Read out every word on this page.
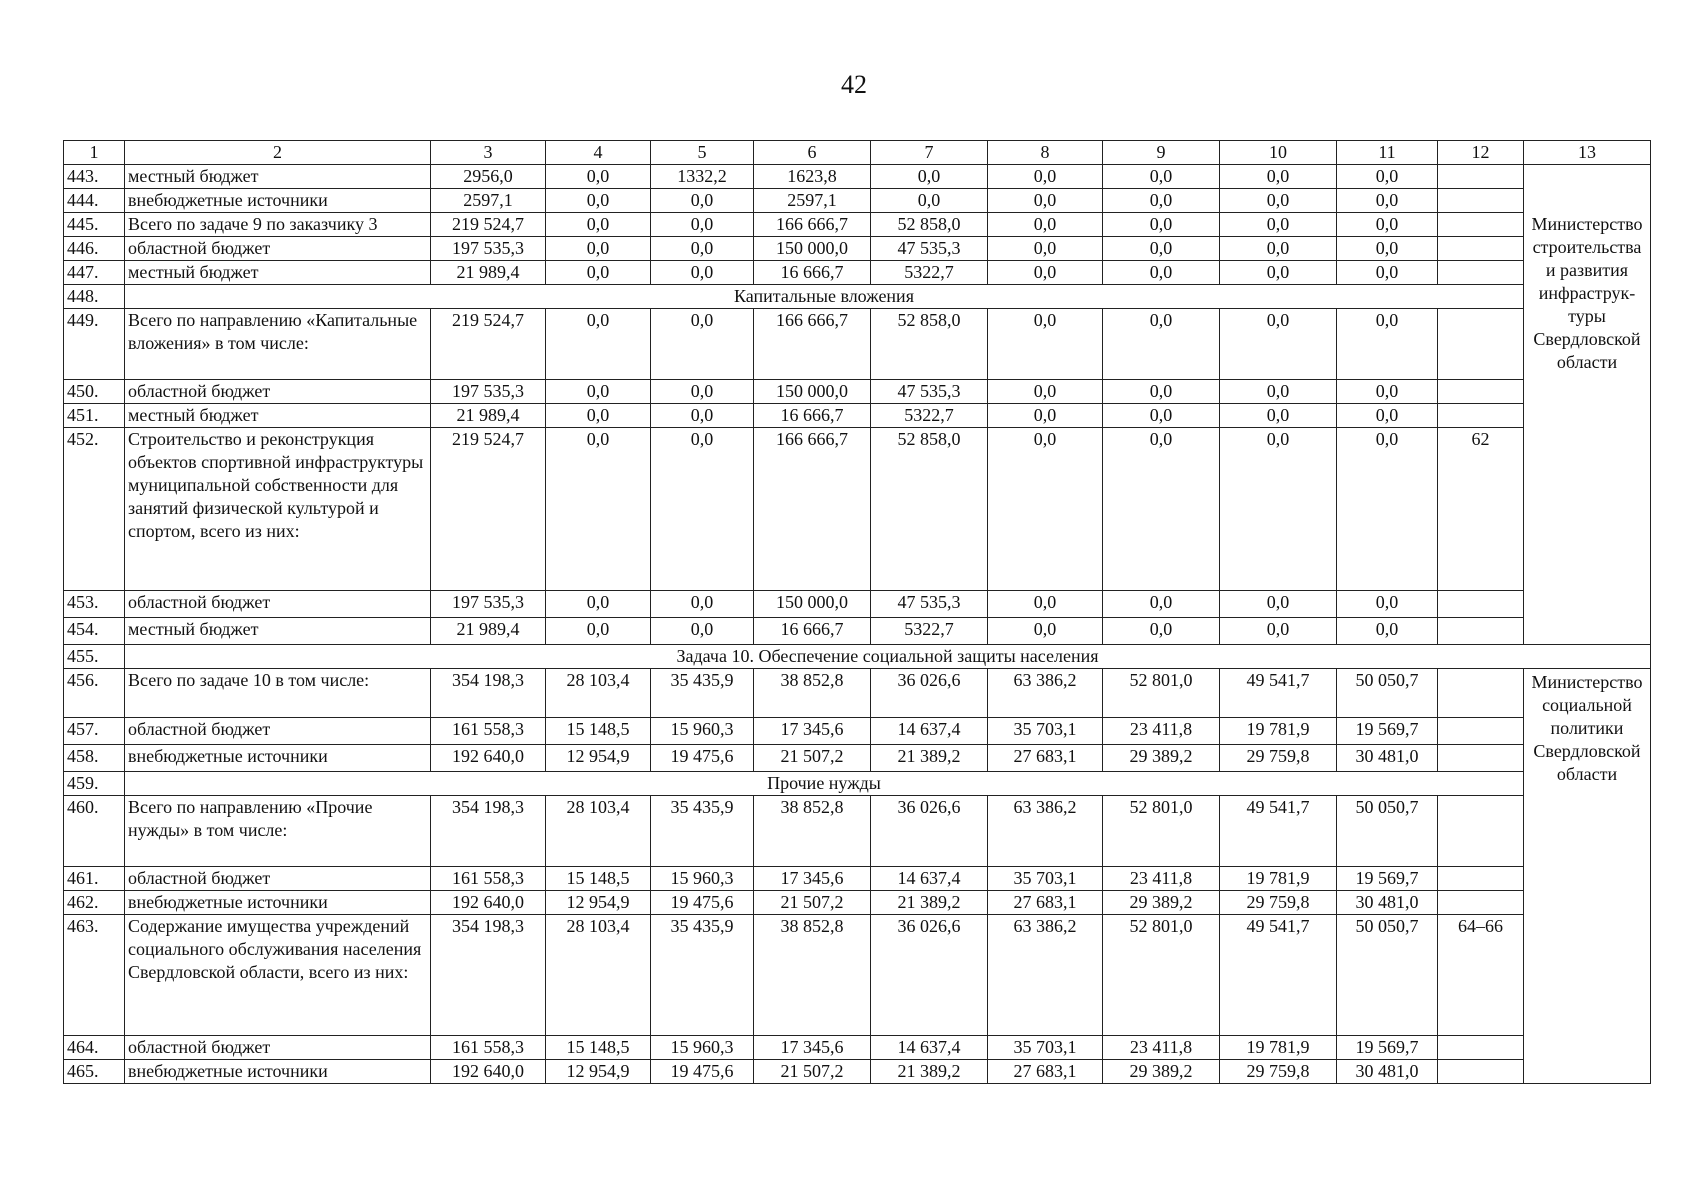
42
1	2	3	4	5	6	7	8	9	10	11	12	13
443.	местный бюджет	2956,0	0,0	1332,2	1623,8	0,0	0,0	0,0	0,0	0,0		Министерство строительства и развития инфраструк-туры Свердловской области

444.	внебюджетные источники	2597,1	0,0	0,0	2597,1	0,0	0,0	0,0	0,0	0,0		
445.	Всего по задаче 9 по заказчику 3	219 524,7	0,0	0,0	166 666,7	52 858,0	0,0	0,0	0,0	0,0		
446.	областной бюджет	197 535,3	0,0	0,0	150 000,0	47 535,3	0,0	0,0	0,0	0,0		
447.	местный бюджет	21 989,4	0,0	0,0	16 666,7	5322,7	0,0	0,0	0,0	0,0		
448.	Капитальные вложения											
449.	Всего по направлению «Капитальные вложения» в том числе:	219 524,7	0,0	0,0	166 666,7	52 858,0	0,0	0,0	0,0	0,0		
450.	областной бюджет	197 535,3	0,0	0,0	150 000,0	47 535,3	0,0	0,0	0,0	0,0		
451.	местный бюджет	21 989,4	0,0	0,0	16 666,7	5322,7	0,0	0,0	0,0	0,0		
452.	Строительство и реконструкция объектов спортивной инфраструктуры муниципальной собственности для занятий физической культурой и спортом, всего из них:	219 524,7	0,0	0,0	166 666,7	52 858,0	0,0	0,0	0,0	0,0	62	
453.	областной бюджет	197 535,3	0,0	0,0	150 000,0	47 535,3	0,0	0,0	0,0	0,0		
454.	местный бюджет	21 989,4	0,0	0,0	16 666,7	5322,7	0,0	0,0	0,0	0,0		
455.	Задача 10. Обеспечение социальной защиты населения											
456.	Всего по задаче 10 в том числе:	354 198,3	28 103,4	35 435,9	38 852,8	36 026,6	63 386,2	52 801,0	49 541,7	50 050,7		Министерство социальной политики Свердловской области

457.	областной бюджет	161 558,3	15 148,5	15 960,3	17 345,6	14 637,4	35 703,1	23 411,8	19 781,9	19 569,7		
458.	внебюджетные источники	192 640,0	12 954,9	19 475,6	21 507,2	21 389,2	27 683,1	29 389,2	29 759,8	30 481,0		
459.	Прочие нужды											
460.	Всего по направлению «Прочие нужды» в том числе:	354 198,3	28 103,4	35 435,9	38 852,8	36 026,6	63 386,2	52 801,0	49 541,7	50 050,7		
461.	областной бюджет	161 558,3	15 148,5	15 960,3	17 345,6	14 637,4	35 703,1	23 411,8	19 781,9	19 569,7		
462.	внебюджетные источники	192 640,0	12 954,9	19 475,6	21 507,2	21 389,2	27 683,1	29 389,2	29 759,8	30 481,0		
463.	Содержание имущества учреждений социального обслуживания населения Свердловской области, всего из них:	354 198,3	28 103,4	35 435,9	38 852,8	36 026,6	63 386,2	52 801,0	49 541,7	50 050,7	64–66	
464.	областной бюджет	161 558,3	15 148,5	15 960,3	17 345,6	14 637,4	35 703,1	23 411,8	19 781,9	19 569,7		
465.	внебюджетные источники	192 640,0	12 954,9	19 475,6	21 507,2	21 389,2	27 683,1	29 389,2	29 759,8	30 481,0		
